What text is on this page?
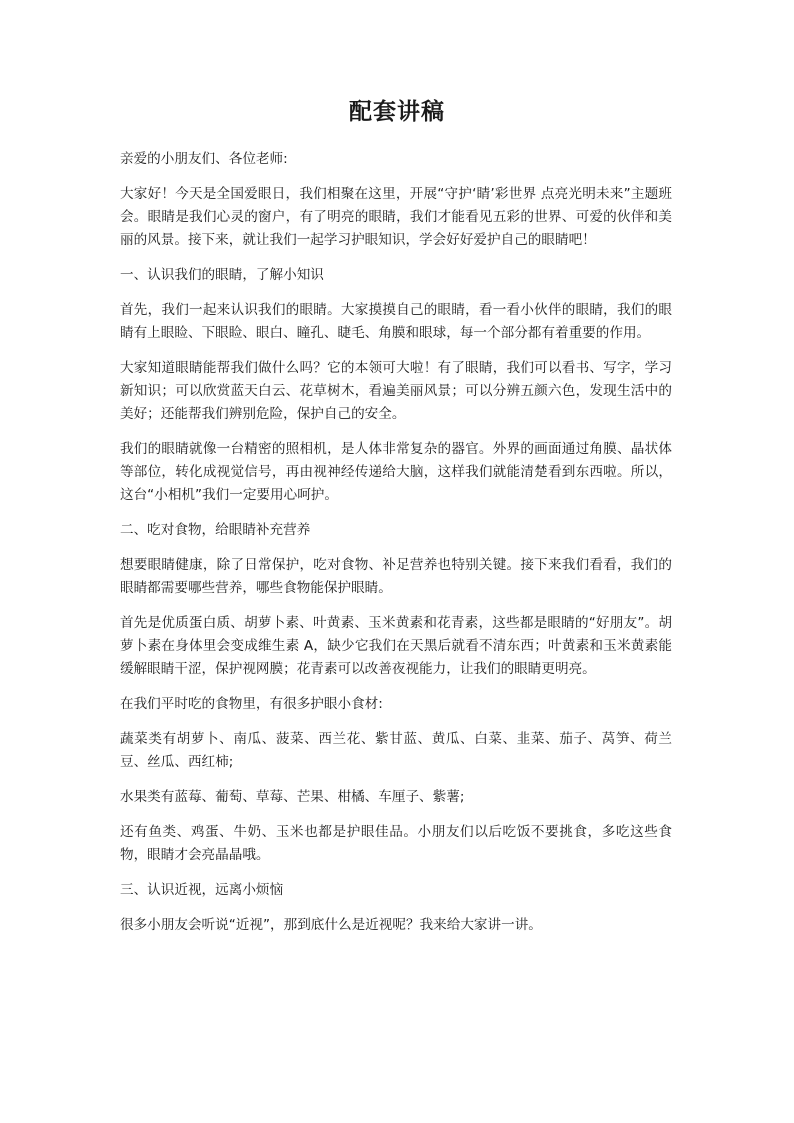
配套讲稿

亲爱的小朋友们、各位老师:

大家好！今天是全国爱眼日，我们相聚在这里，开展“守护‘睛’彩世界 点亮光明未来”主题班会。眼睛是我们心灵的窗户，有了明亮的眼睛，我们才能看见五彩的世界、可爱的伙伴和美丽的风景。接下来，就让我们一起学习护眼知识，学会好好爱护自己的眼睛吧！

一、认识我们的眼睛，了解小知识

首先，我们一起来认识我们的眼睛。大家摸摸自己的眼睛，看一看小伙伴的眼睛，我们的眼睛有上眼睑、下眼睑、眼白、瞳孔、睫毛、角膜和眼球，每一个部分都有着重要的作用。

大家知道眼睛能帮我们做什么吗？它的本领可大啦！有了眼睛，我们可以看书、写字，学习新知识；可以欣赏蓝天白云、花草树木，看遍美丽风景；可以分辨五颜六色，发现生活中的美好；还能帮我们辨别危险，保护自己的安全。

我们的眼睛就像一台精密的照相机，是人体非常复杂的器官。外界的画面通过角膜、晶状体等部位，转化成视觉信号，再由视神经传递给大脑，这样我们就能清楚看到东西啦。所以，这台“小相机”我们一定要用心呵护。

二、吃对食物，给眼睛补充营养

想要眼睛健康，除了日常保护，吃对食物、补足营养也特别关键。接下来我们看看，我们的眼睛都需要哪些营养，哪些食物能保护眼睛。

首先是优质蛋白质、胡萝卜素、叶黄素、玉米黄素和花青素，这些都是眼睛的“好朋友”。胡萝卜素在身体里会变成维生素 A，缺少它我们在天黑后就看不清东西；叶黄素和玉米黄素能缓解眼睛干涩，保护视网膜；花青素可以改善夜视能力，让我们的眼睛更明亮。

在我们平时吃的食物里，有很多护眼小食材:

蔬菜类有胡萝卜、南瓜、菠菜、西兰花、紫甘蓝、黄瓜、白菜、韭菜、茄子、莴笋、荷兰豆、丝瓜、西红柿;

水果类有蓝莓、葡萄、草莓、芒果、柑橘、车厘子、紫薯;

还有鱼类、鸡蛋、牛奶、玉米也都是护眼佳品。小朋友们以后吃饭不要挑食，多吃这些食物，眼睛才会亮晶晶哦。

三、认识近视，远离小烦恼

很多小朋友会听说“近视”，那到底什么是近视呢？我来给大家讲一讲。
